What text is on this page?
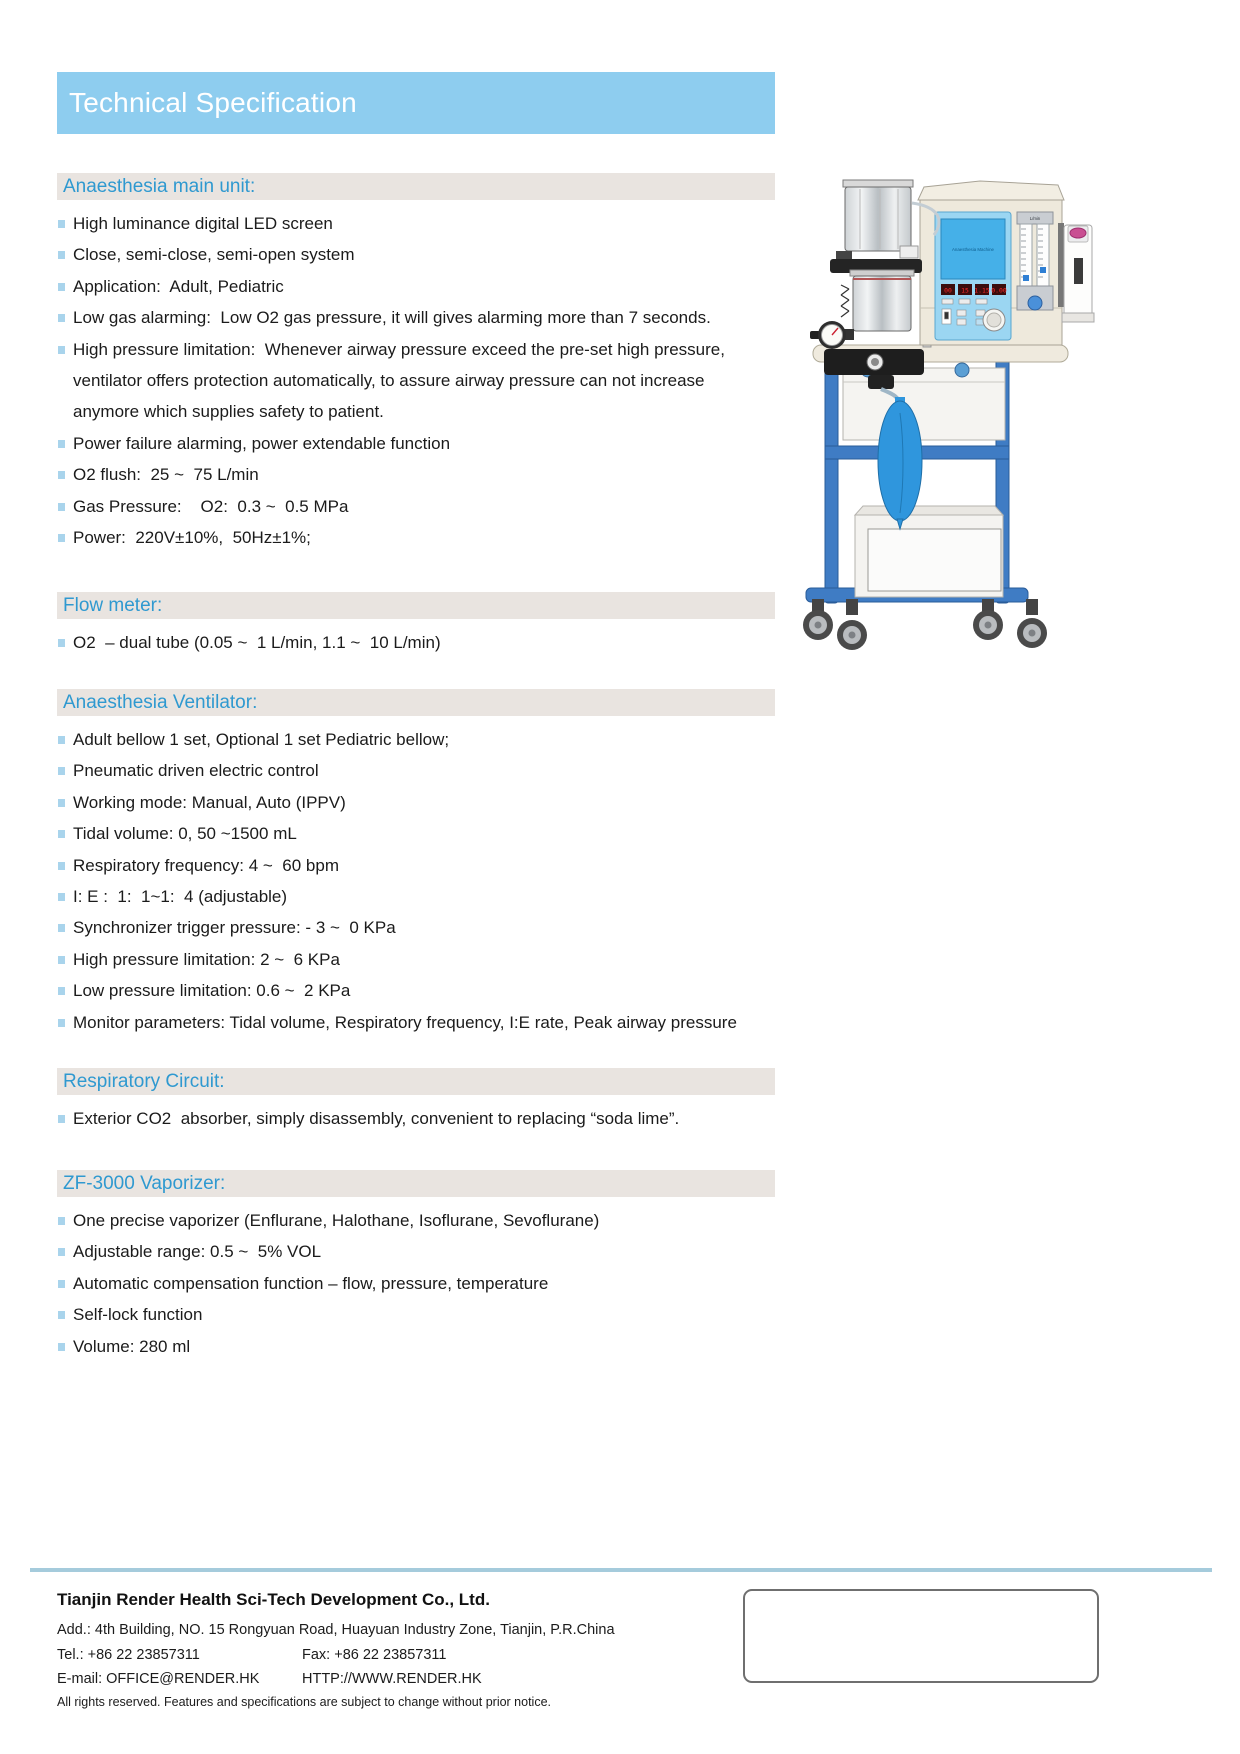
Technical Specification
Anaesthesia main unit:
High luminance digital LED screen
Close, semi-close, semi-open system
Application:  Adult, Pediatric
Low gas alarming:  Low O2 gas pressure, it will gives alarming more than 7 seconds.
High pressure limitation:  Whenever airway pressure exceed the pre-set high pressure, ventilator offers protection automatically, to assure airway pressure can not increase anymore which supplies safety to patient.
Power failure alarming, power extendable function
O2 flush:  25 ~  75 L/min
Gas Pressure:    O2:  0.3 ~  0.5 MPa
Power:  220V±10%,  50Hz±1%;
Flow meter:
O2  – dual tube (0.05 ~  1 L/min, 1.1 ~  10 L/min)
Anaesthesia Ventilator:
Adult bellow 1 set, Optional 1 set Pediatric bellow;
Pneumatic driven electric control
Working mode: Manual, Auto (IPPV)
Tidal volume: 0, 50 ~1500 mL
Respiratory frequency: 4 ~  60 bpm
I: E :  1:  1~1:  4 (adjustable)
Synchronizer trigger pressure: - 3 ~  0 KPa
High pressure limitation: 2 ~  6 KPa
Low pressure limitation: 0.6 ~  2 KPa
Monitor parameters: Tidal volume, Respiratory frequency, I:E rate, Peak airway pressure
Respiratory Circuit:
Exterior CO2  absorber, simply disassembly, convenient to replacing “soda lime”.
ZF-3000 Vaporizer:
One precise vaporizer (Enflurane, Halothane, Isoflurane, Sevoflurane)
Adjustable range: 0.5 ~  5% VOL
Automatic compensation function – flow, pressure, temperature
Self-lock function
Volume: 280 ml
Anaesthesia Machine
00 15 1.15 0.00
L/min
Tianjin Render Health Sci-Tech Development Co., Ltd.
Add.: 4th Building, NO. 15 Rongyuan Road, Huayuan Industry Zone, Tianjin, P.R.China
Tel.: +86 22 23857311	Fax: +86 22 23857311
E-mail: OFFICE@RENDER.HK	HTTP://WWW.RENDER.HK
All rights reserved. Features and specifications are subject to change without prior notice.
